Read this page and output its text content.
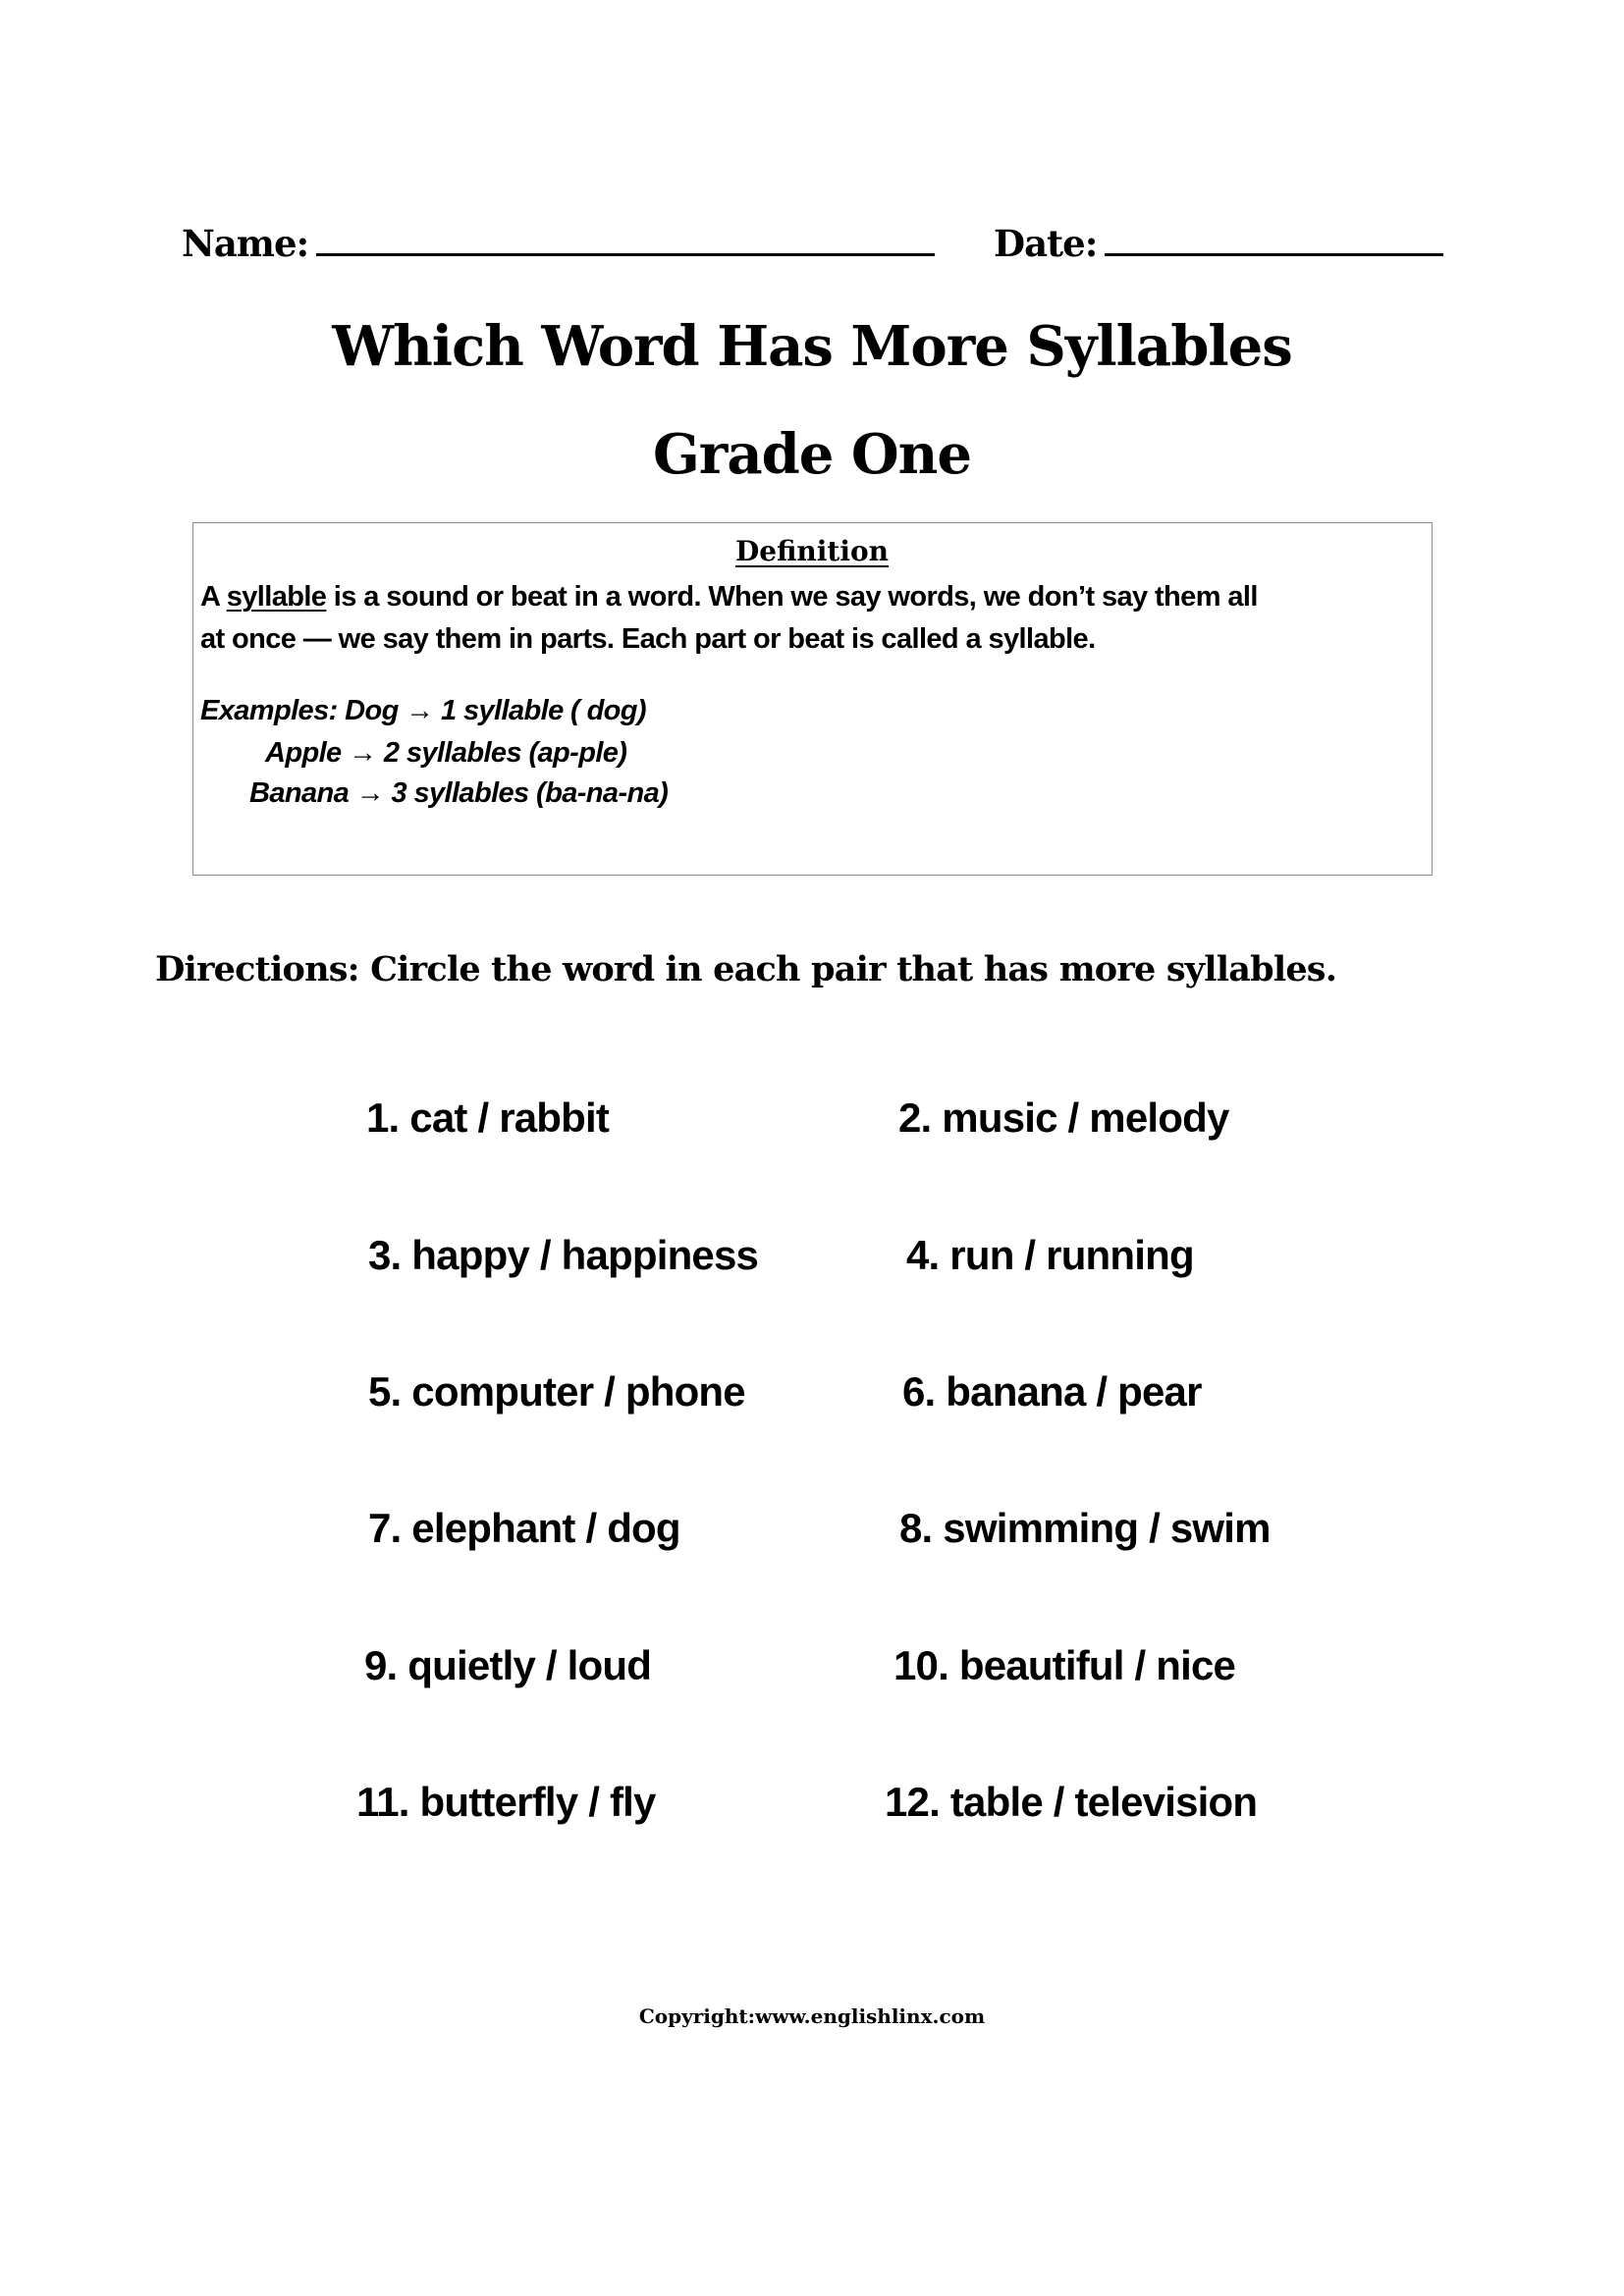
Name:	Date:
Which Word Has More Syllables
Grade One
Definition
A syllable is a sound or beat in a word. When we say words, we don’t say them all
at once — we say them in parts. Each part or beat is called a syllable.
Examples: Dog → 1 syllable ( dog)
Apple → 2 syllables (ap-ple)
Banana → 3 syllables (ba-na-na)
Directions: Circle the word in each pair that has more syllables.
1. cat / rabbit	2. music / melody
3. happy / happiness	4. run / running
5. computer / phone	6. banana / pear
7. elephant / dog	8. swimming / swim
9. quietly / loud	10. beautiful / nice
11. butterfly / fly	12. table / television
Copyright:www.englishlinx.com
